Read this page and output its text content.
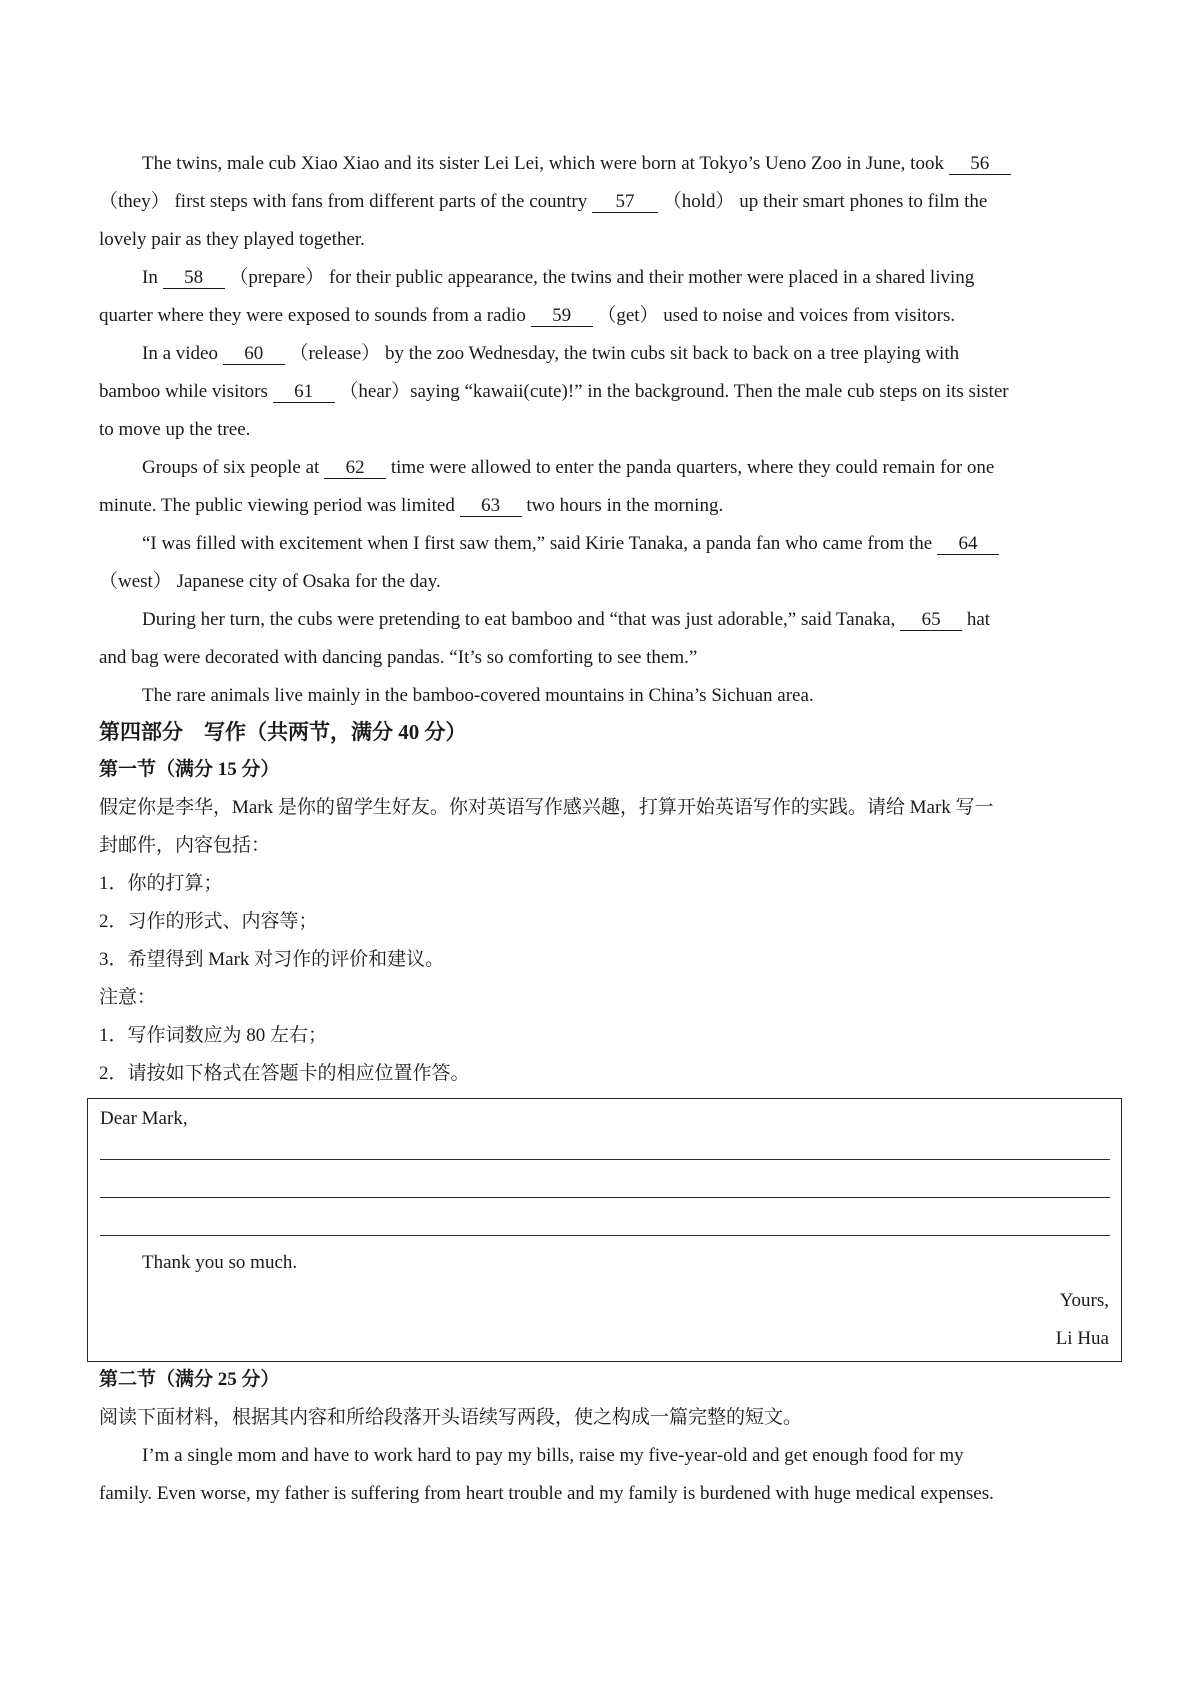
The twins, male cub Xiao Xiao and its sister Lei Lei, which were born at Tokyo’s Ueno Zoo in June, took 56
（they） first steps with fans from different parts of the country 57 （hold） up their smart phones to film the
lovely pair as they played together.
In 58 （prepare） for their public appearance, the twins and their mother were placed in a shared living
quarter where they were exposed to sounds from a radio 59 （get） used to noise and voices from visitors.
In a video 60 （release） by the zoo Wednesday, the twin cubs sit back to back on a tree playing with
bamboo while visitors 61 （hear）saying “kawaii(cute)!” in the background. Then the male cub steps on its sister
to move up the tree.
Groups of six people at 62 time were allowed to enter the panda quarters, where they could remain for one
minute. The public viewing period was limited 63 two hours in the morning.
“I was filled with excitement when I first saw them,” said Kirie Tanaka, a panda fan who came from the 64
（west） Japanese city of Osaka for the day.
During her turn, the cubs were pretending to eat bamboo and “that was just adorable,” said Tanaka, 65 hat
and bag were decorated with dancing pandas. “It’s so comforting to see them.”
The rare animals live mainly in the bamboo-covered mountains in China’s Sichuan area.
第四部分　写作（共两节，满分 40 分）
第一节（满分 15 分）
假定你是李华，Mark 是你的留学生好友。你对英语写作感兴趣，打算开始英语写作的实践。请给 Mark 写一
封邮件，内容包括：
1．你的打算；
2．习作的形式、内容等；
3．希望得到 Mark 对习作的评价和建议。
注意：
1．写作词数应为 80 左右；
2．请按如下格式在答题卡的相应位置作答。
Dear Mark,
Thank you so much.
Yours,
Li Hua
第二节（满分 25 分）
阅读下面材料，根据其内容和所给段落开头语续写两段，使之构成一篇完整的短文。
I’m a single mom and have to work hard to pay my bills, raise my five-year-old and get enough food for my
family. Even worse, my father is suffering from heart trouble and my family is burdened with huge medical expenses.
